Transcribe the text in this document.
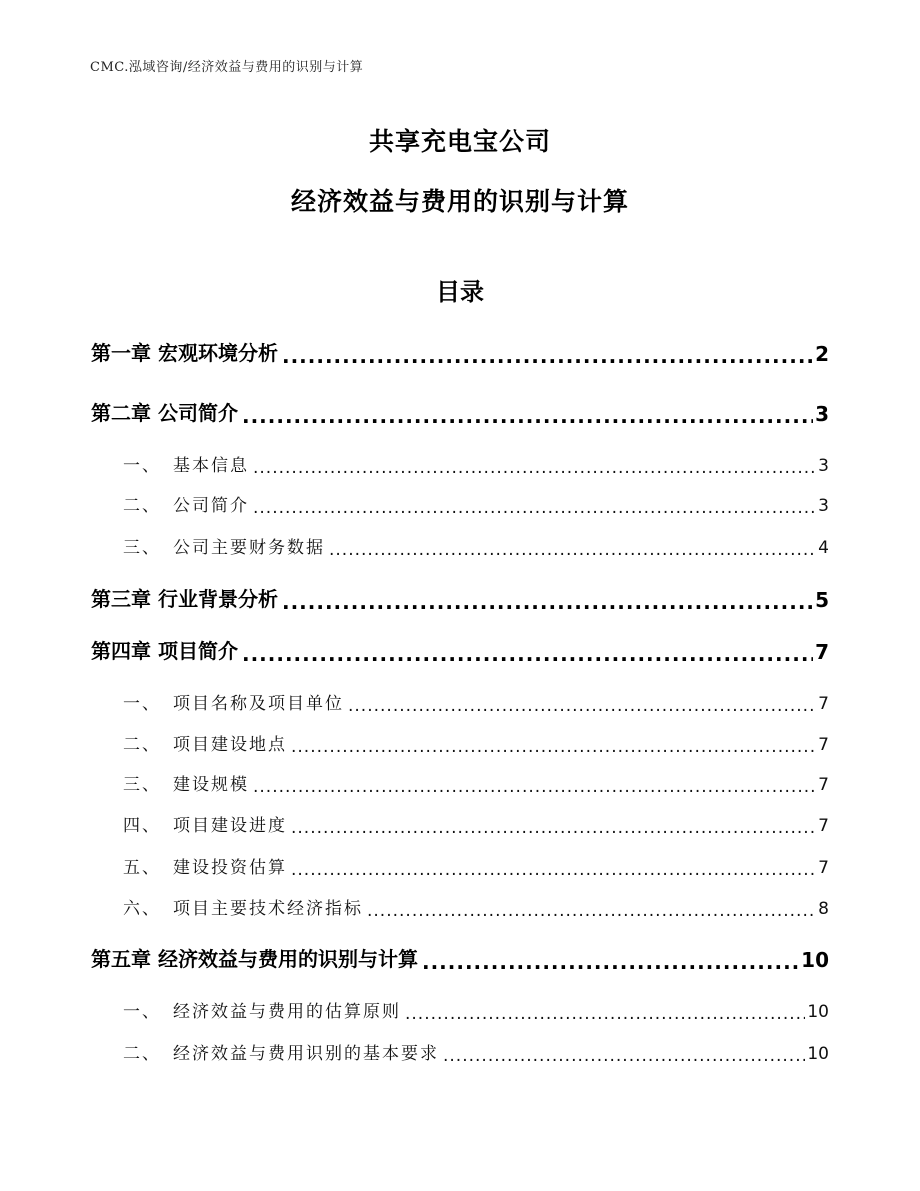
CMC.泓域咨询/经济效益与费用的识别与计算
共享充电宝公司
经济效益与费用的识别与计算
目录
第一章 宏观环境分析 .....	2
第二章 公司简介 .....	3
一、 基本信息 .....	3
二、 公司简介 .....	3
三、 公司主要财务数据 .....	4
第三章 行业背景分析 .....	5
第四章 项目简介 .....	7
一、 项目名称及项目单位 .....	7
二、 项目建设地点 .....	7
三、 建设规模 .....	7
四、 项目建设进度 .....	7
五、 建设投资估算 .....	7
六、 项目主要技术经济指标 .....	8
第五章 经济效益与费用的识别与计算 .....	10
一、 经济效益与费用的估算原则 .....	10
二、 经济效益与费用识别的基本要求 .....	10
